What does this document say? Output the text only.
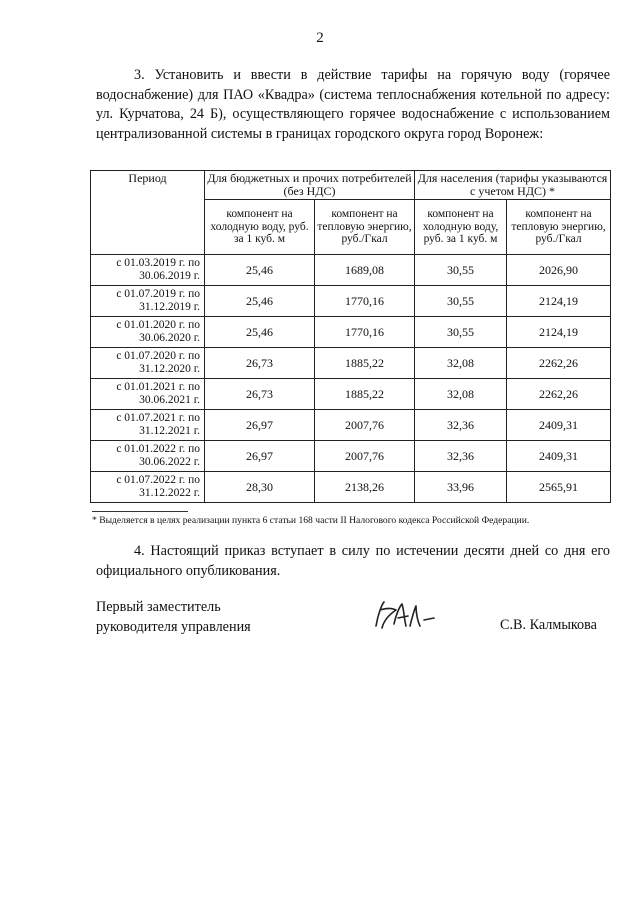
2

3. Установить и ввести в действие тарифы на горячую воду (горячее водоснабжение) для ПАО «Квадра» (система теплоснабжения котельной по адресу: ул. Курчатова, 24 Б), осуществляющего горячее водоснабжение с использованием централизованной системы в границах городского округа город Воронеж:

Период	Для бюджетных и прочих потребителей (без НДС)		Для населения (тарифы указываются с учетом НДС) *	
	компонент на холодную воду, руб. за 1 куб. м	компонент на тепловую энергию, руб./Гкал	компонент на холодную воду, руб. за 1 куб. м	компонент на тепловую энергию, руб./Гкал
с 01.03.2019 г. по 30.06.2019 г.	25,46	1689,08	30,55	2026,90
с 01.07.2019 г. по 31.12.2019 г.	25,46	1770,16	30,55	2124,19
с 01.01.2020 г. по 30.06.2020 г.	25,46	1770,16	30,55	2124,19
с 01.07.2020 г. по 31.12.2020 г.	26,73	1885,22	32,08	2262,26
с 01.01.2021 г. по 30.06.2021 г.	26,73	1885,22	32,08	2262,26
с 01.07.2021 г. по 31.12.2021 г.	26,97	2007,76	32,36	2409,31
с 01.01.2022 г. по 30.06.2022 г.	26,97	2007,76	32,36	2409,31
с 01.07.2022 г. по 31.12.2022 г.	28,30	2138,26	33,96	2565,91
* Выделяется в целях реализации пункта 6 статьи 168 части II Налогового кодекса Российской Федерации.

4. Настоящий приказ вступает в силу по истечении десяти дней со дня его официального опубликования.

Первый заместитель
руководителя управления	С.В. Калмыкова
